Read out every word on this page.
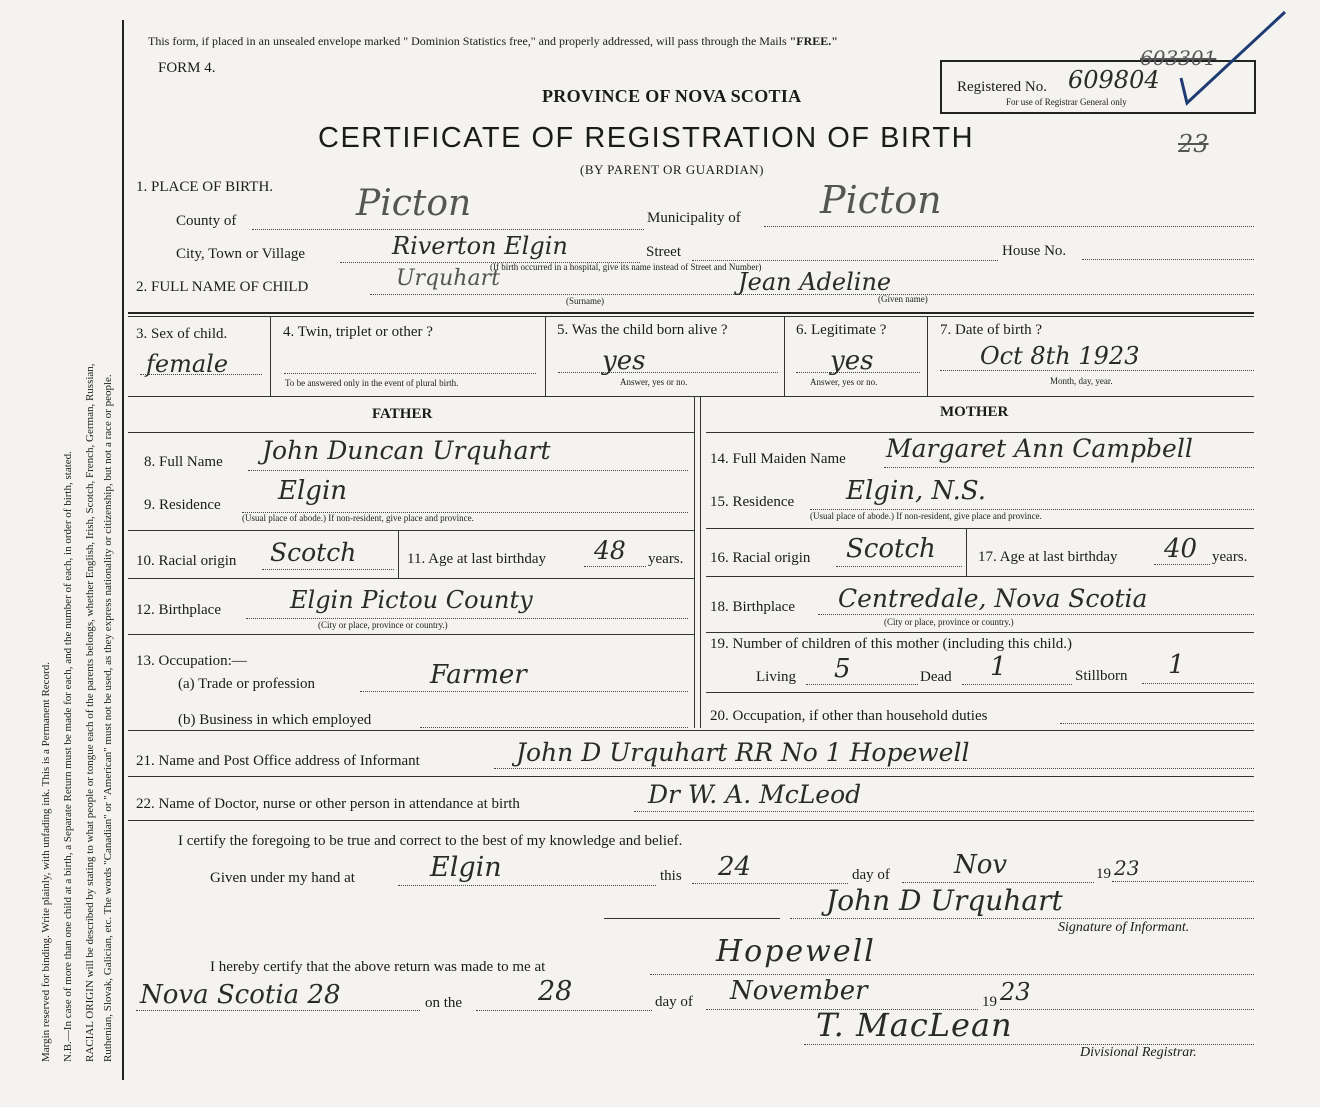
Margin reserved for binding. Write plainly, with unfading ink. This is a Permanent Record. N.B.—In case of more than one child at a birth, a Separate Return must be made for each, and the number of each, in order of birth, stated. RACIAL ORIGIN will be described by stating to what people or tongue each of the parents belongs, whether English, Irish, Scotch, French, German, Russian, Ruthenian, Slovak, Galician, etc. The words "Canadian" or "American" must not be used, as they express nationality or citizenship, but not a race or people.
This form, if placed in an unsealed envelope marked " Dominion Statistics free," and properly addressed, will pass through the Mails "FREE."
FORM 4.
PROVINCE OF NOVA SCOTIA
CERTIFICATE OF REGISTRATION OF BIRTH
(BY PARENT OR GUARDIAN)
Registered No. 609804
For use of Registrar General only
603301
23
1. PLACE OF BIRTH.
County of	Picton	Municipality of Picton
City, Town or Village	Riverton Elgin	Street	House No.
(If birth occurred in a hospital, give its name instead of Street and Number)
2. FULL NAME OF CHILD	Urquhart	Jean Adeline
(Surname)	(Given name)
3. Sex of child.
female
4. Twin, triplet or other ?
To be answered only in the event of plural birth.
5. Was the child born alive ?
yes
Answer, yes or no.
6. Legitimate ?
yes
Answer, yes or no.
7. Date of birth ?
Oct 8th 1923
Month, day, year.
FATHER	MOTHER
8. Full Name John Duncan Urquhart	14. Full Maiden Name Margaret Ann Campbell
9. Residence Elgin
(Usual place of abode.) If non-resident, give place and province.
15. Residence Elgin, N.S.
(Usual place of abode.) If non-resident, give place and province.
10. Racial origin Scotch	11. Age at last birthday 48 years. 16. Racial origin Scotch	17. Age at last birthday 40 years.
12. Birthplace	Elgin Pictou County
(City or place, province or country.)
18. Birthplace Centredale, Nova Scotia
(City or place, province or country.)
13. Occupation:—
(a) Trade or profession	Farmer
(b) Business in which employed
19. Number of children of this mother (including this child.)
Living 5	Dead 1	Stillborn 1
20. Occupation, if other than household duties
21. Name and Post Office address of Informant	John D Urquhart RR No 1 Hopewell
22. Name of Doctor, nurse or other person in attendance at birth	Dr W. A. McLeod
I certify the foregoing to be true and correct to the best of my knowledge and belief.
Given under my hand at	Elgin	this 24	day of Nov	19 23
John D Urquhart
Signature of Informant.
I hereby certify that the above return was made to me at	Hopewell
Nova Scotia 28	on the	28	day of November	19 23
T. MacLean
Divisional Registrar.
